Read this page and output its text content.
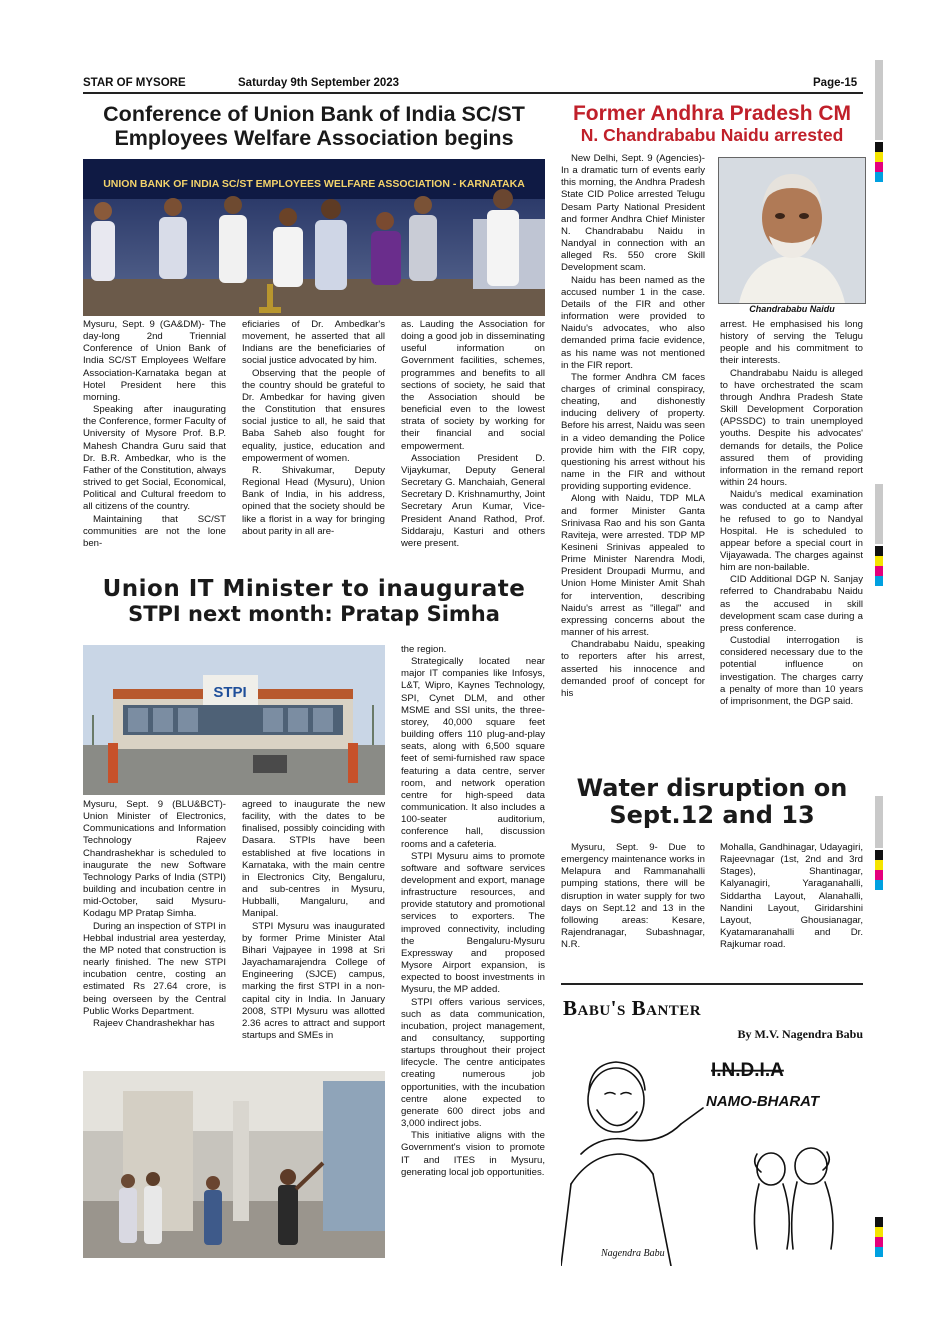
STAR OF MYSORE	Saturday 9th September 2023	Page-15
Conference of Union Bank of India SC/ST
Employees Welfare Association begins
UNION BANK OF INDIA SC/ST EMPLOYEES WELFARE ASSOCIATION - KARNATAKA

Mysuru, Sept. 9 (GA&DM)- The day-long 2nd Triennial Conference of Union Bank of India SC/ST Employees Welfare Association-Karnataka began at Hotel President here this morning.

Speaking after inaugurating the Conference, former Faculty of University of Mysore Prof. B.P. Mahesh Chandra Guru said that Dr. B.R. Ambedkar, who is the Father of the Constitution, always strived to get Social, Economical, Political and Cultural freedom to all citizens of the country.

Maintaining that SC/ST communities are not the lone ben-

eficiaries of Dr. Ambedkar's movement, he asserted that all Indians are the beneficiaries of social justice advocated by him.

Observing that the people of the country should be grateful to Dr. Ambedkar for having given the Constitution that ensures social justice to all, he said that Baba Saheb also fought for equality, justice, education and empowerment of women.

R. Shivakumar, Deputy Regional Head (Mysuru), Union Bank of India, in his address, opined that the society should be like a florist in a way for bringing about parity in all are-

as. Lauding the Association for doing a good job in disseminating useful information on Government facilities, schemes, programmes and benefits to all sections of society, he said that the Association should be beneficial even to the lowest strata of society by working for their financial and social empowerment.

Association President D. Vijaykumar, Deputy General Secretary G. Manchaiah, General Secretary D. Krishnamurthy, Joint Secretary Arun Kumar, Vice-President Anand Rathod, Prof. Siddaraju, Kasturi and others were present.

Former Andhra Pradesh CM
N. Chandrababu Naidu arrested
Chandrababu Naidu

New Delhi, Sept. 9 (Agencies)- In a dramatic turn of events early this morning, the Andhra Pradesh State CID Police arrested Telugu Desam Party National President and former Andhra Chief Minister N. Chandrababu Naidu in Nandyal in connection with an alleged Rs. 550 crore Skill Development scam.

Naidu has been named as the accused number 1 in the case. Details of the FIR and other information were provided to Naidu's advocates, who also demanded prima facie evidence, as his name was not mentioned in the FIR report.

The former Andhra CM faces charges of criminal conspiracy, cheating, and dishonestly inducing delivery of property. Before his arrest, Naidu was seen in a video demanding the Police provide him with the FIR copy, questioning his arrest without his name in the FIR and without providing supporting evidence.

Along with Naidu, TDP MLA and former Minister Ganta Srinivasa Rao and his son Ganta Raviteja, were arrested. TDP MP Kesineni Srinivas appealed to Prime Minister Narendra Modi, President Droupadi Murmu, and Union Home Minister Amit Shah for intervention, describing Naidu's arrest as "illegal" and expressing concerns about the manner of his arrest.

Chandrababu Naidu, speaking to reporters after his arrest, asserted his innocence and demanded proof of concept for his

arrest. He emphasised his long history of serving the Telugu people and his commitment to their interests.

Chandrababu Naidu is alleged to have orchestrated the scam through Andhra Pradesh State Skill Development Corporation (APSSDC) to train unemployed youths. Despite his advocates' demands for details, the Police assured them of providing information in the remand report within 24 hours.

Naidu's medical examination was conducted at a camp after he refused to go to Nandyal Hospital. He is scheduled to appear before a special court in Vijayawada. The charges against him are non-bailable.

CID Additional DGP N. Sanjay referred to Chandrababu Naidu as the accused in skill development scam case during a press conference.

Custodial interrogation is considered necessary due to the potential influence on investigation. The charges carry a penalty of more than 10 years of imprisonment, the DGP said.

Union IT Minister to inaugurate
STPI next month: Pratap Simha
STPI

Mysuru, Sept. 9 (BLU&BCT)- Union Minister of Electronics, Communications and Information Technology Rajeev Chandrashekhar is scheduled to inaugurate the new Software Technology Parks of India (STPI) building and incubation centre in mid-October, said Mysuru-Kodagu MP Pratap Simha.

During an inspection of STPI in Hebbal industrial area yesterday, the MP noted that construction is nearly finished. The new STPI incubation centre, costing an estimated Rs 27.64 crore, is being overseen by the Central Public Works Department.

Rajeev Chandrashekhar has

agreed to inaugurate the new facility, with the dates to be finalised, possibly coinciding with Dasara. STPIs have been established at five locations in Karnataka, with the main centre in Electronics City, Bengaluru, and sub-centres in Mysuru, Hubballi, Mangaluru, and Manipal.

STPI Mysuru was inaugurated by former Prime Minister Atal Bihari Vajpayee in 1998 at Sri Jayachamarajendra College of Engineering (SJCE) campus, marking the first STPI in a non-capital city in India. In January 2008, STPI Mysuru was allotted 2.36 acres to attract and support startups and SMEs in

the region.

Strategically located near major IT companies like Infosys, L&T, Wipro, Kaynes Technology, SPI, Cynet DLM, and other MSME and SSI units, the three-storey, 40,000 square feet building offers 110 plug-and-play seats, along with 6,500 square feet of semi-furnished raw space featuring a data centre, server room, and network operation centre for high-speed data communication. It also includes a 100-seater auditorium, conference hall, discussion rooms and a cafeteria.

STPI Mysuru aims to promote software and software services development and export, manage infrastructure resources, and provide statutory and promotional services to exporters. The improved connectivity, including the Bengaluru-Mysuru Expressway and proposed Mysore Airport expansion, is expected to boost investments in Mysuru, the MP added.

STPI offers various services, such as data communication, incubation, project management, and consultancy, supporting startups throughout their project lifecycle. The centre anticipates creating numerous job opportunities, with the incubation centre alone expected to generate 600 direct jobs and 3,000 indirect jobs.

This initiative aligns with the Government's vision to promote IT and ITES in Mysuru, generating local job opportunities.

Water disruption on
Sept.12 and 13

Mysuru, Sept. 9- Due to emergency maintenance works in Melapura and Rammanahalli pumping stations, there will be disruption in water supply for two days on Sept.12 and 13 in the following areas: Kesare, Rajendranagar, Subashnagar, N.R.

Mohalla, Gandhinagar, Udayagiri, Rajeevnagar (1st, 2nd and 3rd Stages), Shantinagar, Kalyanagiri, Yaraganahalli, Siddartha Layout, Alanahalli, Nandini Layout, Giridarshini Layout, Ghousianagar, Kyatamaranahalli and Dr. Rajkumar road.

Babu's Banter
By M.V. Nagendra Babu
I.N.D.I.A
NAMO-BHARAT
Nagendra Babu
